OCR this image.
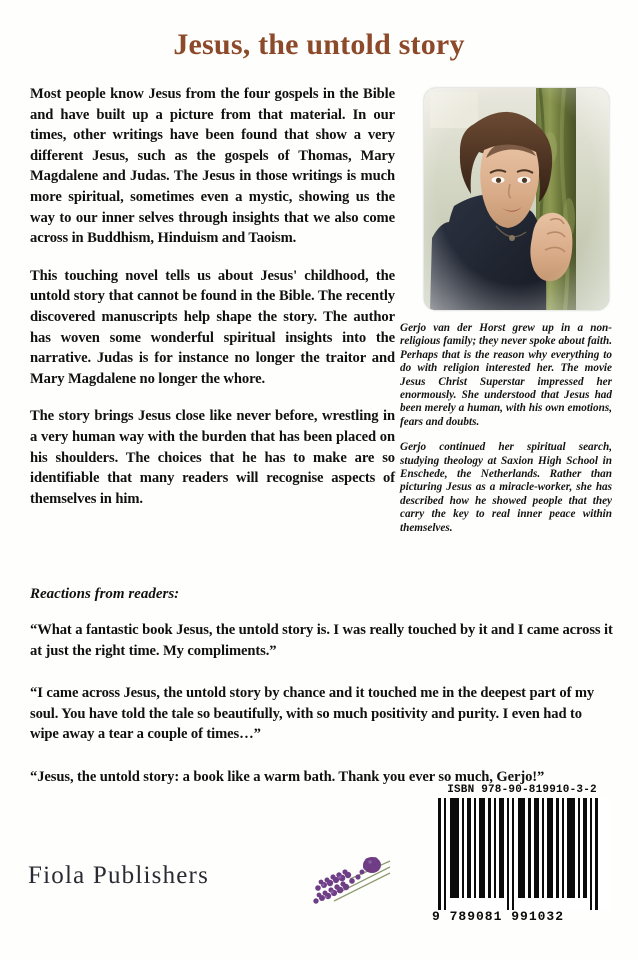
Jesus, the untold story

Most people know Jesus from the four gospels in the Bible and have built up a picture from that material. In our times, other writings have been found that show a very different Jesus, such as the gospels of Thomas, Mary Magdalene and Judas. The Jesus in those writings is much more spiritual, sometimes even a mystic, showing us the way to our inner selves through insights that we also come across in Buddhism, Hinduism and Taoism.

This touching novel tells us about Jesus' childhood, the untold story that cannot be found in the Bible. The recently discovered manuscripts help shape the story. The author has woven some wonderful spiritual insights into the narrative. Judas is for instance no longer the traitor and Mary Magdalene no longer the whore.

The story brings Jesus close like never before, wrestling in a very human way with the burden that has been placed on his shoulders. The choices that he has to make are so identifiable that many readers will recognise aspects of themselves in him.

Gerjo van der Horst grew up in a non-religious family; they never spoke about faith. Perhaps that is the reason why everything to do with religion interested her. The movie Jesus Christ Superstar impressed her enormously. She understood that Jesus had been merely a human, with his own emotions, fears and doubts.

Gerjo continued her spiritual search, studying theology at Saxion High School in Enschede, the Netherlands. Rather than picturing Jesus as a miracle-worker, she has described how he showed people that they carry the key to real inner peace within themselves.

Reactions from readers:

“What a fantastic book Jesus, the untold story is. I was really touched by it and I came across it at just the right time. My compliments.”

“I came across Jesus, the untold story by chance and it touched me in the deepest part of my soul. You have told the tale so beautifully, with so much positivity and purity. I even had to wipe away a tear a couple of times…”

“Jesus, the untold story: a book like a warm bath. Thank you ever so much, Gerjo!”

Fiola Publishers
ISBN 978-90-819910-3-2
9 789081 991032
